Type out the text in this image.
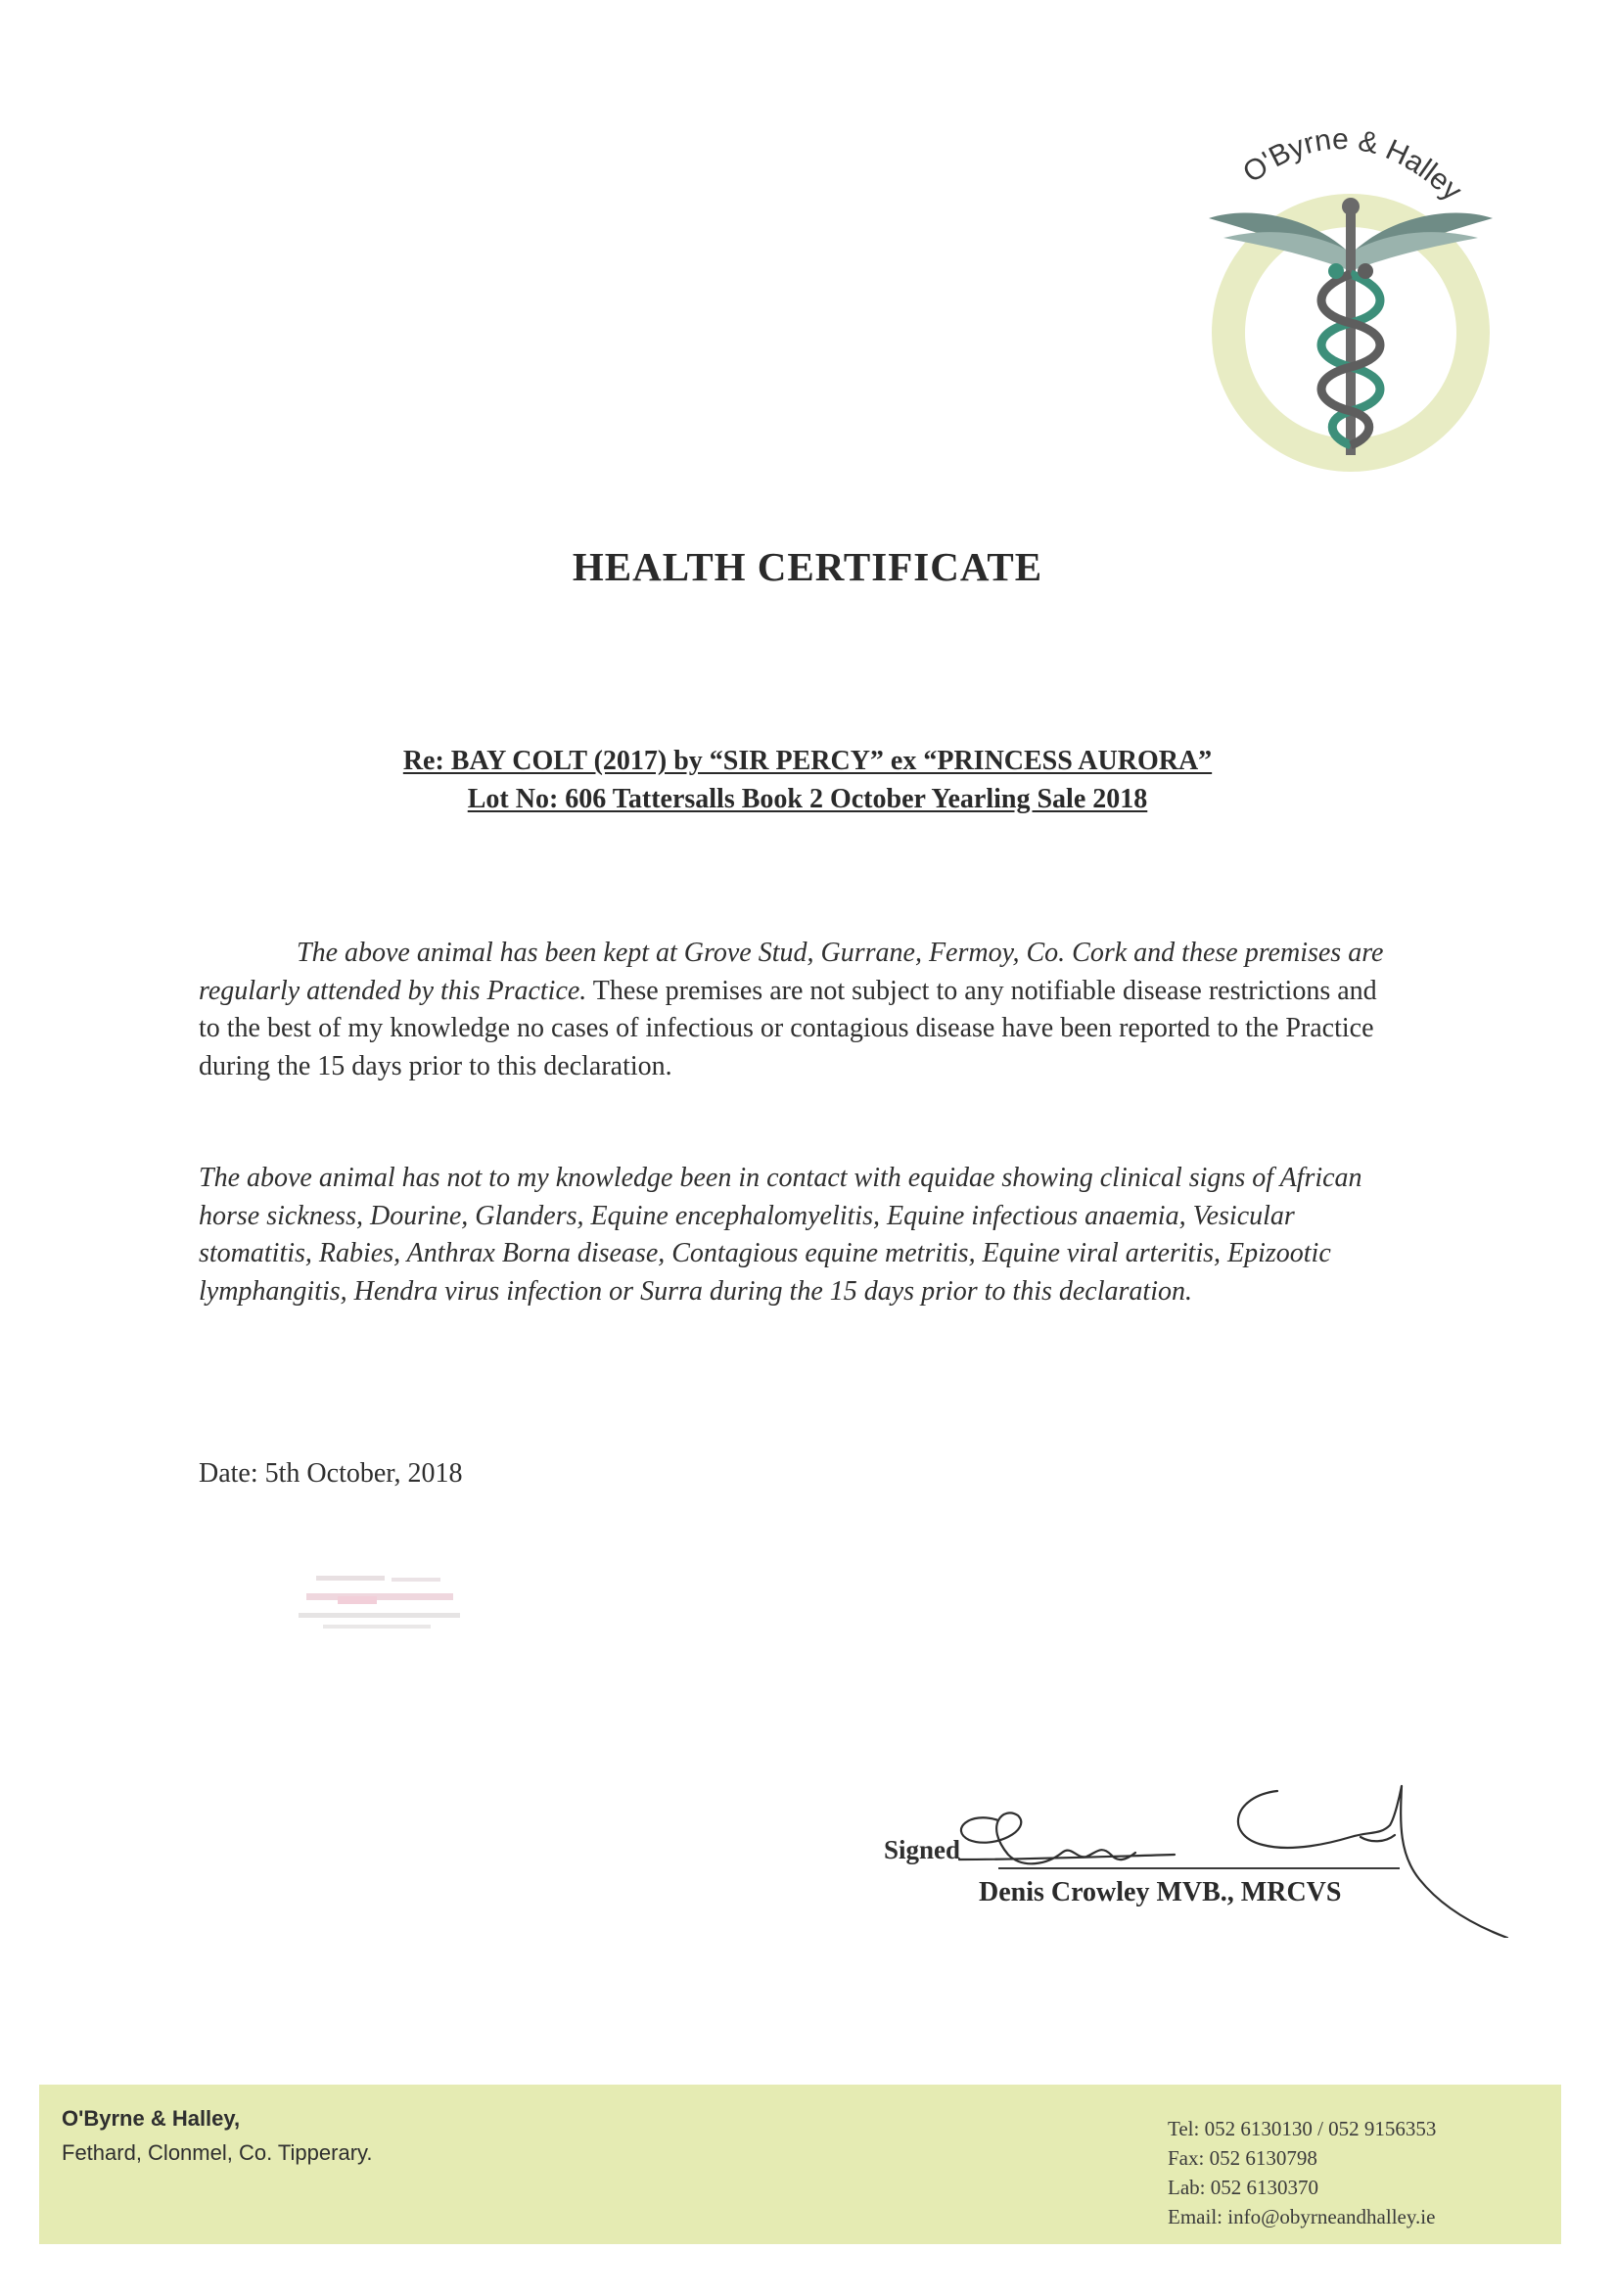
O'Byrne & Halley
HEALTH CERTIFICATE
Re: BAY COLT (2017) by “SIR PERCY” ex “PRINCESS AURORA”
Lot No: 606 Tattersalls Book 2 October Yearling Sale 2018
The above animal has been kept at Grove Stud, Gurrane, Fermoy, Co. Cork and these premises are regularly attended by this Practice. These premises are not subject to any notifiable disease restrictions and to the best of my knowledge no cases of infectious or contagious disease have been reported to the Practice during the 15 days prior to this declaration.
The above animal has not to my knowledge been in contact with equidae showing clinical signs of African horse sickness, Dourine, Glanders, Equine encephalomyelitis, Equine infectious anaemia, Vesicular stomatitis, Rabies, Anthrax Borna disease, Contagious equine metritis, Equine viral arteritis, Epizootic lymphangitis, Hendra virus infection or Surra during the 15 days prior to this declaration.
Date: 5th October, 2018
Signed
Denis Crowley MVB., MRCVS
O'Byrne & Halley,
Fethard, Clonmel, Co. Tipperary.
Tel: 052 6130130 / 052 9156353
Fax: 052 6130798
Lab: 052 6130370
Email: info@obyrneandhalley.ie
